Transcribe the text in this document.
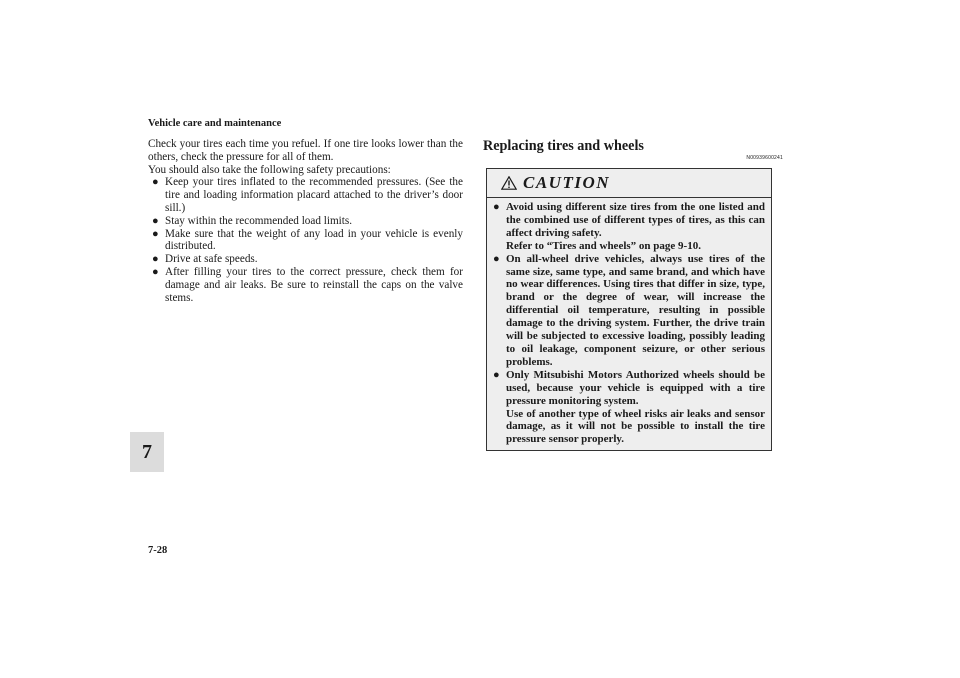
Vehicle care and maintenance

Check your tires each time you refuel. If one tire looks lower than the others, check the pressure for all of them.

You should also take the following safety precautions:

● Keep your tires inflated to the recommended pressures. (See the tire and loading information placard attached to the driver’s door sill.)
● Stay within the recommended load limits.
● Make sure that the weight of any load in your vehicle is evenly distributed.
● Drive at safe speeds.
● After filling your tires to the correct pressure, check them for damage and air leaks. Be sure to reinstall the caps on the valve stems.
Replacing tires and wheels
N00939600241
CAUTION
● Avoid using different size tires from the one listed and the combined use of different types of tires, as this can affect driving safety.

Refer to “Tires and wheels” on page 9-10.

● On all-wheel drive vehicles, always use tires of the same size, same type, and same brand, and which have no wear differences. Using tires that differ in size, type, brand or the degree of wear, will increase the differential oil temperature, resulting in possible damage to the driving system. Further, the drive train will be subjected to excessive loading, possibly leading to oil leakage, component seizure, or other serious problems.

● Only Mitsubishi Motors Authorized wheels should be used, because your vehicle is equipped with a tire pressure monitoring system.

Use of another type of wheel risks air leaks and sensor damage, as it will not be possible to install the tire pressure sensor properly.

7
7-28
